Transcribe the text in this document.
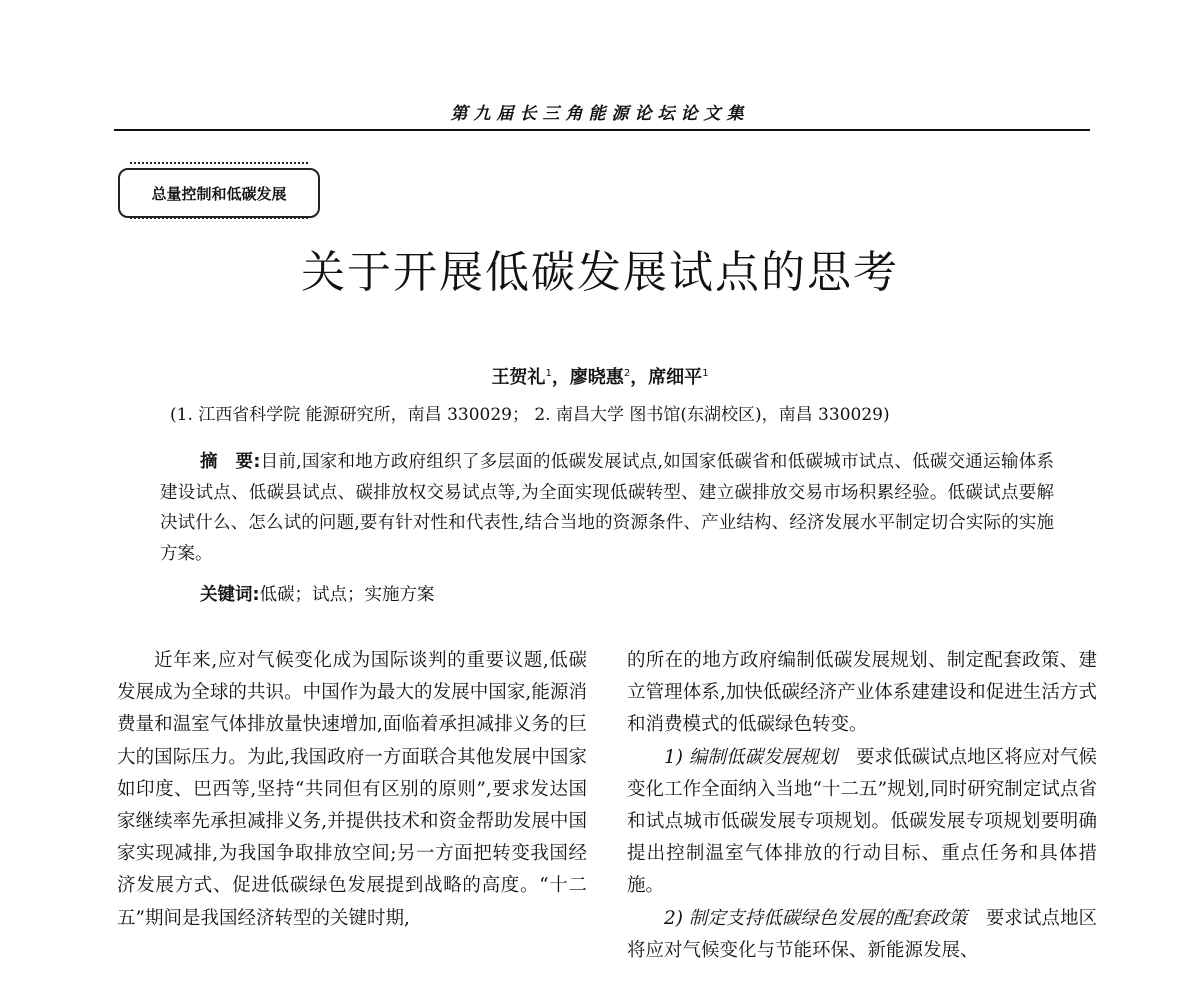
第九届长三角能源论坛论文集
总量控制和低碳发展
关于开展低碳发展试点的思考
王贺礼$^1$，廖晓惠$^2$，席细平$^1$
(1. 江西省科学院 能源研究所，南昌 330029； 2. 南昌大学 图书馆(东湖校区)，南昌 330029)
摘　要:目前,国家和地方政府组织了多层面的低碳发展试点,如国家低碳省和低碳城市试点、低碳交通运输体系建设试点、低碳县试点、碳排放权交易试点等,为全面实现低碳转型、建立碳排放交易市场积累经验。低碳试点要解决试什么、怎么试的问题,要有针对性和代表性,结合当地的资源条件、产业结构、经济发展水平制定切合实际的实施方案。
关键词:低碳；试点；实施方案

近年来,应对气候变化成为国际谈判的重要议题,低碳发展成为全球的共识。中国作为最大的发展中国家,能源消费量和温室气体排放量快速增加,面临着承担减排义务的巨大的国际压力。为此,我国政府一方面联合其他发展中国家如印度、巴西等,坚持“共同但有区别的原则”,要求发达国家继续率先承担减排义务,并提供技术和资金帮助发展中国家实现减排,为我国争取排放空间;另一方面把转变我国经济发展方式、促进低碳绿色发展提到战略的高度。“十二五”期间是我国经济转型的关键时期,

的所在的地方政府编制低碳发展规划、制定配套政策、建立管理体系,加快低碳经济产业体系建建设和促进生活方式和消费模式的低碳绿色转变。

1) 编制低碳发展规划　要求低碳试点地区将应对气候变化工作全面纳入当地“十二五”规划,同时研究制定试点省和试点城市低碳发展专项规划。低碳发展专项规划要明确提出控制温室气体排放的行动目标、重点任务和具体措施。

2) 制定支持低碳绿色发展的配套政策　要求试点地区将应对气候变化与节能环保、新能源发展、
